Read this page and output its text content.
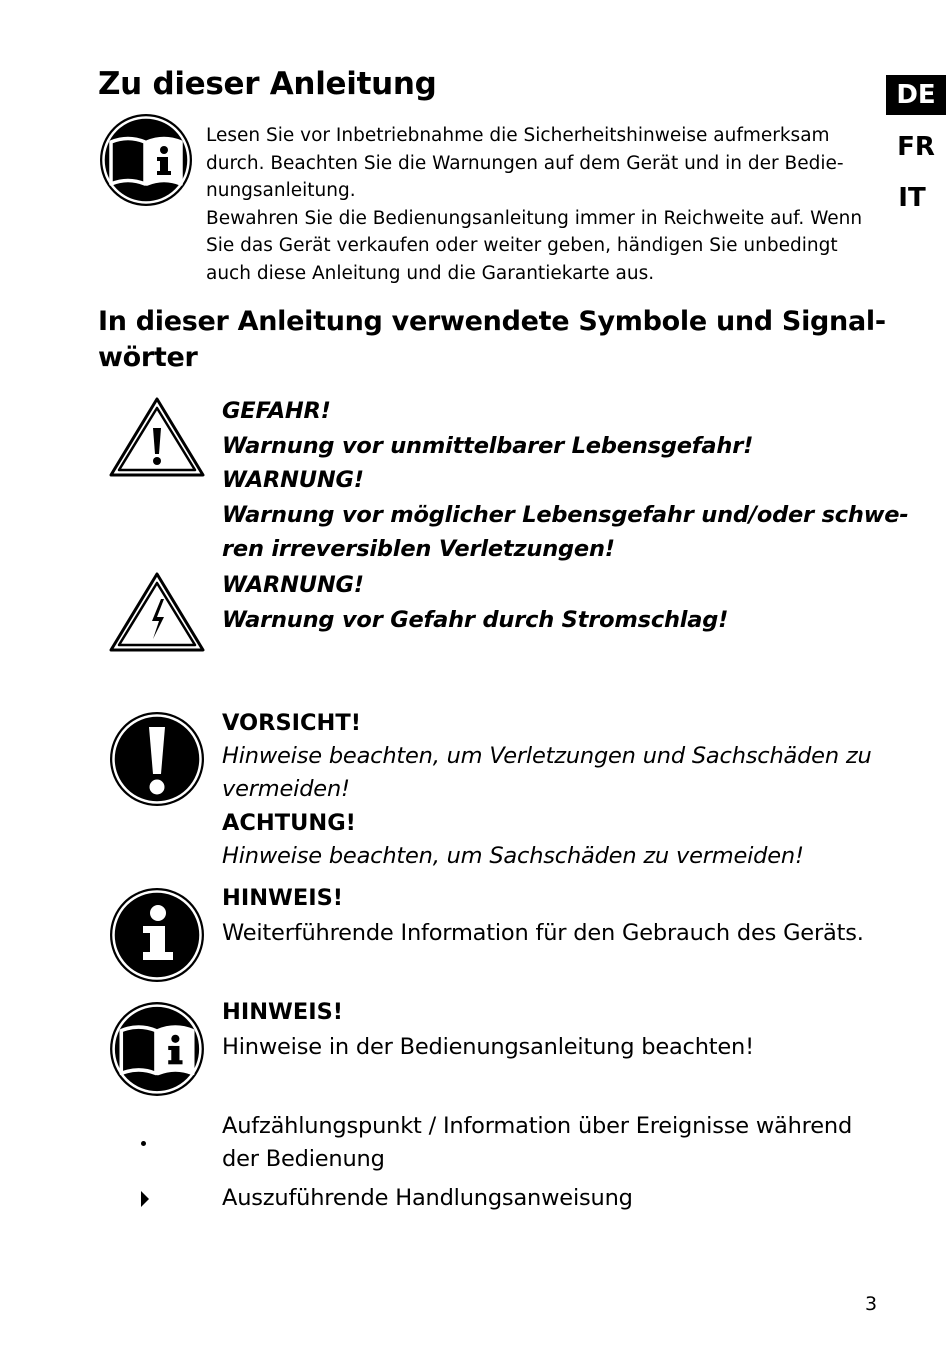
DE
FR
IT
Zu dieser Anleitung
Lesen Sie vor Inbetriebnahme die Sicherheitshinweise aufmerksam
durch. Beachten Sie die Warnungen auf dem Gerät und in der Bedie-
nungsanleitung.
Bewahren Sie die Bedienungsanleitung immer in Reichweite auf. Wenn
Sie das Gerät verkaufen oder weiter geben, händigen Sie unbedingt
auch diese Anleitung und die Garantiekarte aus.
In dieser Anleitung verwendete Symbole und Signal-
wörter
GEFAHR!
Warnung vor unmittelbarer Lebensgefahr!
WARNUNG!
Warnung vor möglicher Lebensgefahr und/oder schwe-
ren irreversiblen Verletzungen!
WARNUNG!
Warnung vor Gefahr durch Stromschlag!
VORSICHT!
Hinweise beachten, um Verletzungen und Sachschäden zu
vermeiden!
ACHTUNG!
Hinweise beachten, um Sachschäden zu vermeiden!
HINWEIS!
Weiterführende Information für den Gebrauch des Geräts.
HINWEIS!
Hinweise in der Bedienungsanleitung beachten!
Aufzählungspunkt / Information über Ereignisse während
der Bedienung
Auszuführende Handlungsanweisung
3
